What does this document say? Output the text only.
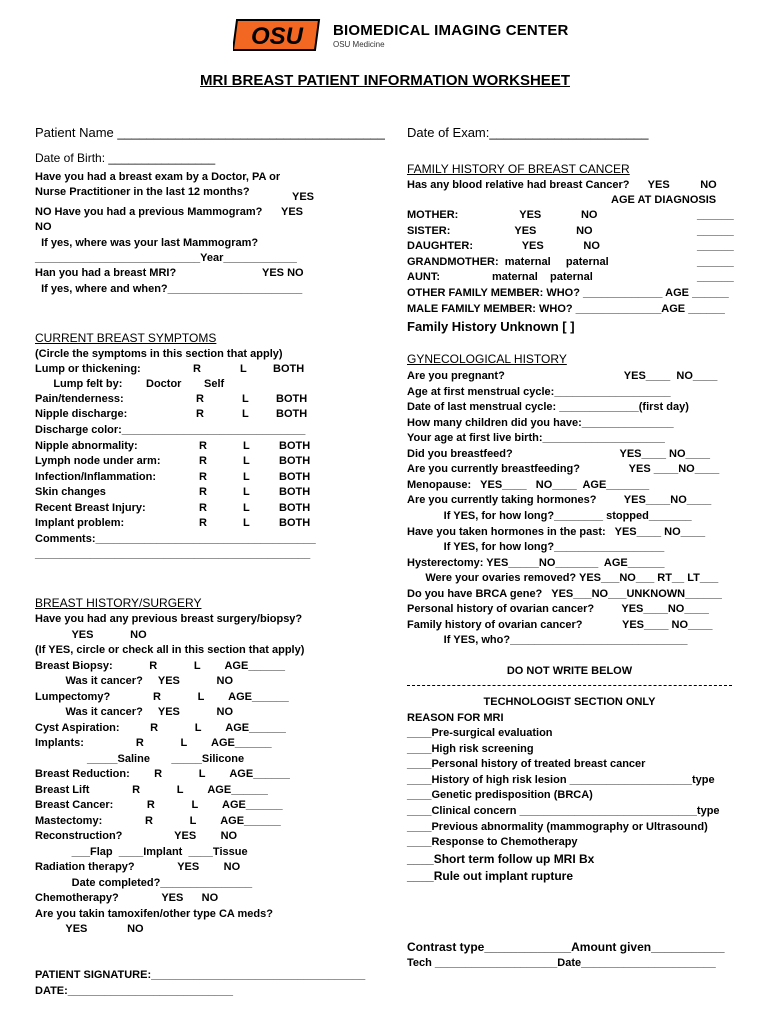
OSU BIOMEDICAL IMAGING CENTER
OSU Medicine
MRI BREAST PATIENT INFORMATION WORKSHEET
Patient Name _____________________________________ Date of Exam:______________________
Date of Birth: ________________
Have you had a breast exam by a Doctor, PA or
Nurse Practitioner in the last 12 months?	YES
NO Have you had a previous Mammogram? YES
NO
If yes, where was your last Mammogram?
___________________________Year____________
Han you had a breast MRI?	YES NO
If yes, where and when?______________________
CURRENT BREAST SYMPTOMS
(Circle the symptoms in this section that apply)
Lump or thickening:	R	L BOTH
Lump felt by: Doctor Self
Pain/tenderness:	R	L BOTH
Nipple discharge:	R	L BOTH
Discharge color:______________________________
Nipple abnormality:	R	L	BOTH
Lymph node under arm:	R	L	BOTH
Infection/Inflammation:	R	L	BOTH
Skin changes	R	L	BOTH
Recent Breast Injury:	R	L	BOTH
Implant problem:	R	L	BOTH
Comments:____________________________________
_____________________________________________
BREAST HISTORY/SURGERY
Have you had any previous breast surgery/biopsy?
YES            NO
(If YES, circle or check all in this section that apply)
Breast Biopsy:            R            L        AGE______
Was it cancer?     YES            NO
Lumpectomy?              R            L        AGE______
Was it cancer?     YES            NO
Cyst Aspiration:          R            L        AGE______
Implants:                 R            L        AGE______
_____Saline       _____Silicone
Breast Reduction:        R            L        AGE______
Breast Lift              R            L        AGE______
Breast Cancer:           R            L        AGE______
Mastectomy:              R            L        AGE______
Reconstruction?                 YES        NO
___Flap  ____Implant  ____Tissue
Radiation therapy?              YES        NO
Date completed?_______________
Chemotherapy?              YES      NO
Are you takin tamoxifen/other type CA meds?
YES             NO
PATIENT SIGNATURE:___________________________________
DATE:___________________________
FAMILY HISTORY OF BREAST CANCER
Has any blood relative had breast Cancer?      YES          NO
AGE AT DIAGNOSIS
MOTHER:                    YES             NO	______
SISTER:                     YES             NO	______
DAUGHTER:                YES             NO	______
GRANDMOTHER:  maternal     paternal	______
AUNT:                 maternal    paternal	______
OTHER FAMILY MEMBER: WHO? _____________ AGE ______
MALE FAMILY MEMBER: WHO? ______________AGE ______
Family History Unknown [ ]
GYNECOLOGICAL HISTORY
Are you pregnant?                                       YES____  NO____
Age at first menstrual cycle:___________________
Date of last menstrual cycle: _____________(first day)
How many children did you have:_______________
Your age at first live birth:____________________
Did you breastfeed?                                   YES____ NO____
Are you currently breastfeeding?                YES ____NO____
Menopause:   YES____   NO____  AGE_______
Are you currently taking hormones?         YES____NO____
If YES, for how long?________ stopped_______
Have you taken hormones in the past:   YES____ NO____
If YES, for how long?__________________
Hysterectomy: YES_____NO_______  AGE______
Were your ovaries removed? YES___NO___ RT__ LT___
Do you have BRCA gene?   YES___NO___UNKNOWN______
Personal history of ovarian cancer?         YES____NO____
Family history of ovarian cancer?             YES____ NO____
If YES, who?_____________________________
DO NOT WRITE BELOW
TECHNOLOGIST SECTION ONLY
REASON FOR MRI
____Pre-surgical evaluation
____High risk screening
____Personal history of treated breast cancer
____History of high risk lesion ____________________type
____Genetic predisposition (BRCA)
____Clinical concern _____________________________type
____Previous abnormality (mammography or Ultrasound)
____Response to Chemotherapy
____Short term follow up MRI Bx
____Rule out implant rupture
Contrast type_____________Amount given___________
Tech ____________________Date______________________
